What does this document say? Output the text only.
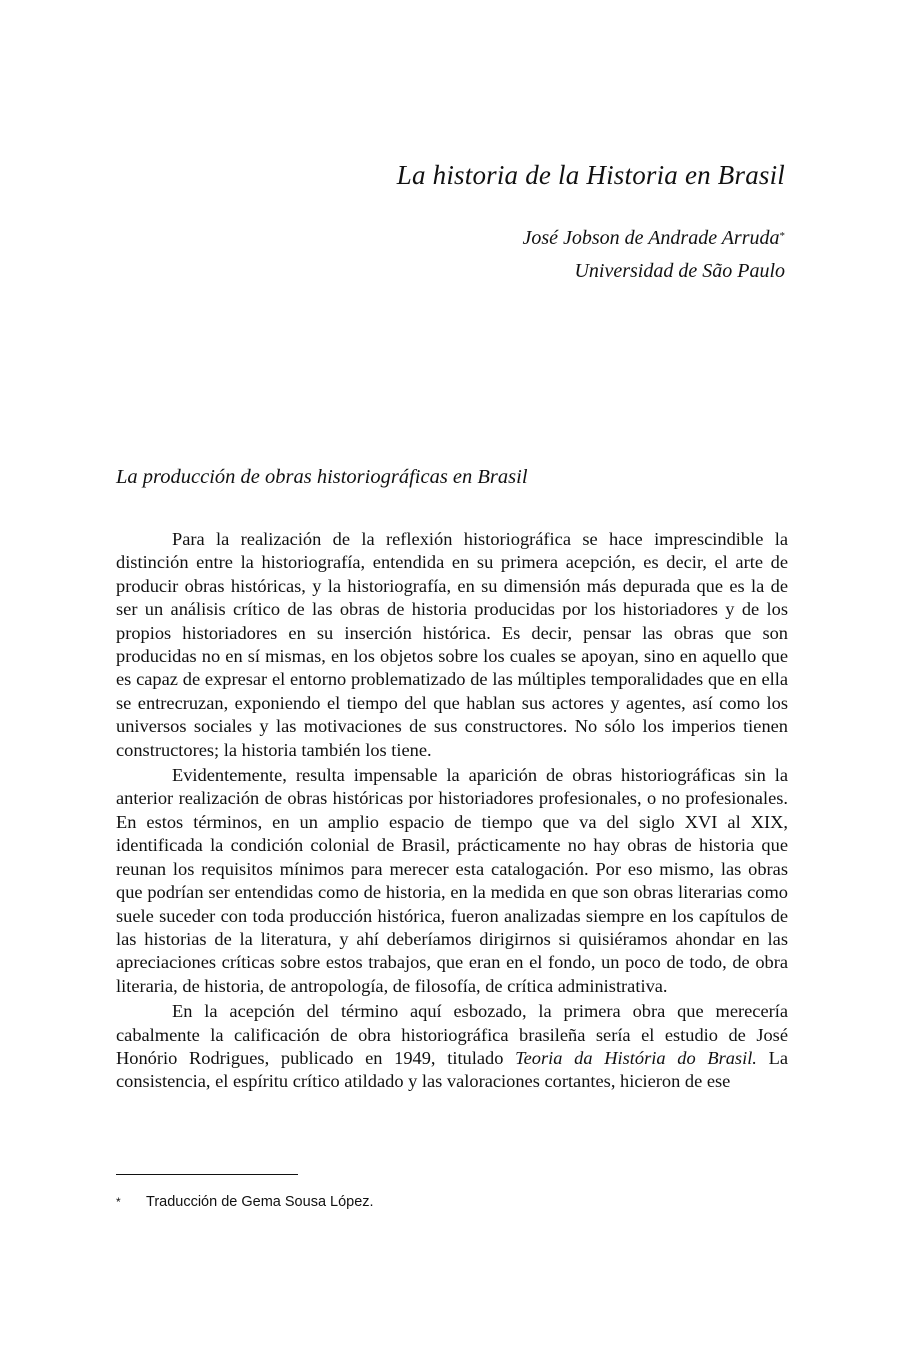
La historia de la Historia en Brasil
José Jobson de Andrade Arruda*
Universidad de São Paulo
La producción de obras historiográficas en Brasil

Para la realización de la reflexión historiográfica se hace imprescindible la distinción entre la historiografía, entendida en su primera acepción, es decir, el arte de producir obras históricas, y la historiografía, en su dimensión más depurada que es la de ser un análisis crítico de las obras de historia producidas por los historiadores y de los propios historiadores en su inserción histórica. Es decir, pensar las obras que son producidas no en sí mismas, en los objetos sobre los cuales se apoyan, sino en aquello que es capaz de expresar el entorno problematizado de las múltiples temporalidades que en ella se entrecruzan, exponiendo el tiempo del que hablan sus actores y agentes, así como los universos sociales y las motivaciones de sus constructores. No sólo los imperios tienen constructores; la historia también los tiene.

Evidentemente, resulta impensable la aparición de obras historiográficas sin la anterior realización de obras históricas por historiadores profesionales, o no profesionales. En estos términos, en un amplio espacio de tiempo que va del siglo XVI al XIX, identificada la condición colonial de Brasil, prácticamente no hay obras de historia que reunan los requisitos mínimos para merecer esta catalogación. Por eso mismo, las obras que podrían ser entendidas como de historia, en la medida en que son obras literarias como suele suceder con toda producción histórica, fueron analizadas siempre en los capítulos de las historias de la literatura, y ahí deberíamos dirigirnos si quisiéramos ahondar en las apreciaciones críticas sobre estos trabajos, que eran en el fondo, un poco de todo, de obra literaria, de historia, de antropología, de filosofía, de crítica administrativa.

En la acepción del término aquí esbozado, la primera obra que merecería cabalmente la calificación de obra historiográfica brasileña sería el estudio de José Honório Rodrigues, publicado en 1949, titulado Teoria da História do Brasil. La consistencia, el espíritu crítico atildado y las valoraciones cortantes, hicieron de ese

* Traducción de Gema Sousa López.
